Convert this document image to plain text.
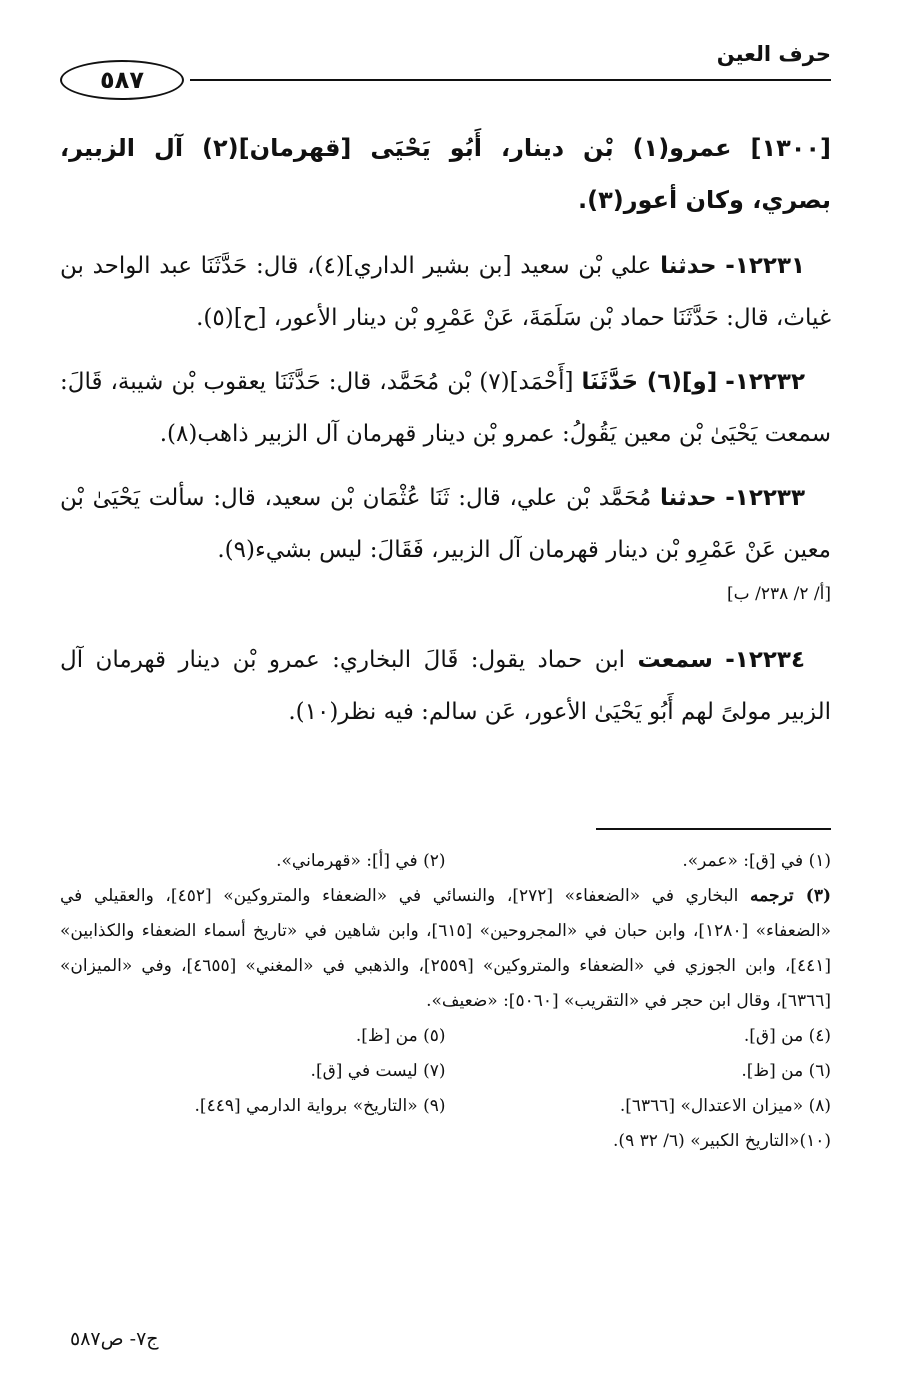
حرف العين
٥٨٧

[١٣٠٠] عمرو(١) بْن دينار، أَبُو يَحْيَى [قهرمان](٢) آل الزبير، بصري، وكان أعور(٣).

١٢٢٣١- حدثنا علي بْن سعيد [بن بشير الداري](٤)، قال: حَدَّثَنَا عبد الواحد بن غياث، قال: حَدَّثَنَا حماد بْن سَلَمَةَ، عَنْ عَمْرِو بْن دينار الأعور، [ح](٥).

١٢٢٣٢- [و](٦) حَدَّثَنَا [أَحْمَد](٧) بْن مُحَمَّد، قال: حَدَّثَنَا يعقوب بْن شيبة، قَالَ: سمعت يَحْيَىٰ بْن معين يَقُولُ: عمرو بْن دينار قهرمان آل الزبير ذاهب(٨).

١٢٢٣٣- حدثنا مُحَمَّد بْن علي، قال: ثَنَا عُثْمَان بْن سعيد، قال: سألت يَحْيَىٰ بْن معين عَنْ عَمْرِو بْن دينار قهرمان آل الزبير، فَقَالَ: ليس بشيء(٩).

[أ/ ٢/ ٢٣٨/ ب]

١٢٢٣٤- سمعت ابن حماد يقول: قَالَ البخاري: عمرو بْن دينار قهرمان آل الزبير مولىً لهم أَبُو يَحْيَىٰ الأعور، عَن سالم: فيه نظر(١٠).

(١) في [ق]: «عمر».
(٢) في [أ]: «قهرماني».
(٣) ترجمه البخاري في «الضعفاء» [٢٧٢]، والنسائي في «الضعفاء والمتروكين» [٤٥٢]، والعقيلي في «الضعفاء» [١٢٨٠]، وابن حبان في «المجروحين» [٦١٥]، وابن شاهين في «تاريخ أسماء الضعفاء والكذابين» [٤٤١]، وابن الجوزي في «الضعفاء والمتروكين» [٢٥٥٩]، والذهبي في «المغني» [٤٦٥٥]، وفي «الميزان» [٦٣٦٦]، وقال ابن حجر في «التقريب» [٥٠٦٠]: «ضعيف».
(٤) من [ق].
(٥) من [ظ].
(٦) من [ظ].
(٧) ليست في [ق].
(٨) «ميزان الاعتدال» [٦٣٦٦].
(٩) «التاريخ» برواية الدارمي [٤٤٩].
(١٠)«التاريخ الكبير» (٦/ ٣٢ ٩).
ج٧- ص٥٨٧
